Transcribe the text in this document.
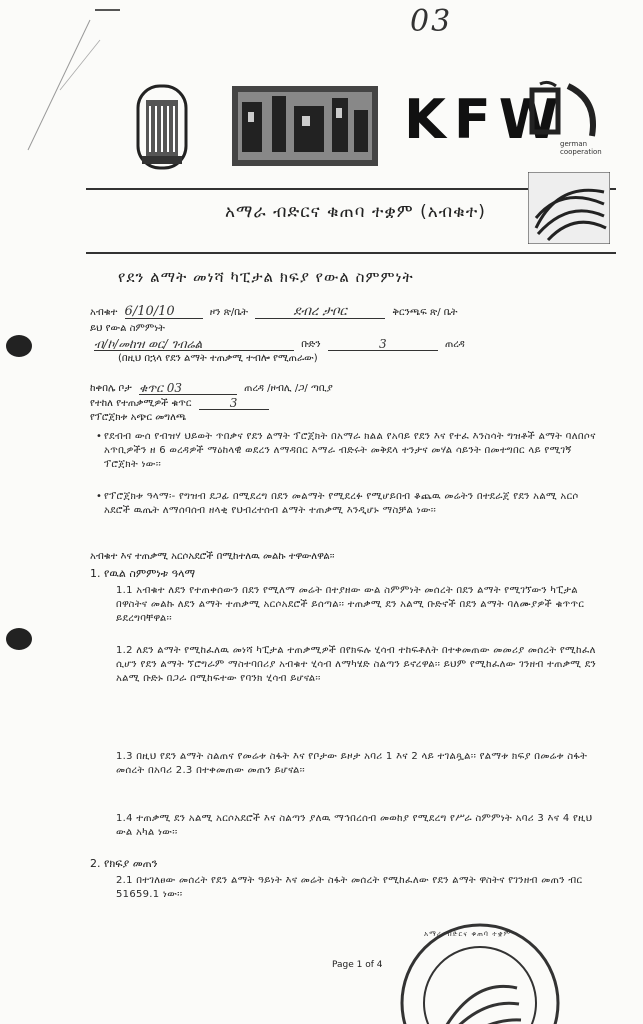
03
KFW
german cooperation
አማራ ብድርና ቁጠባ ተቋም (አብቁተ)
የደን ልማት መነሻ ካፒታል ክፍያ የውል ስምምነት
አብቁተ 6/10/10	ዞን ጽ/ቤት	ደብረ ታቦር	ቅርንጫፍ ጽ/ ቤት
ይህ የውል ስምምነት
ብ/ኮ/መከዝ ወር/ ገብሬል	ቡድን	3	ጠረዳ
(በዚህ በኋላ የደን ልማት ተጠቃሚ ተብሎ የሚጠራው)
ከቀበሌ ቦታ ቁጥር 03	ጠረዳ /ዞብሊ /ጋ/ ጣቢያ
የተከለ የተጠቃሚዎች ቁጥር	3
የፕሮጀክቱ አጭር መግለጫ
• የደብብ ውሰ የብዝሃ ህይወት ጥበቃና የደን ልማት ፕሮጀክት በአማራ ክልል የአባይ የደን እና የተፈ እንስሳት ግዝቶች ልማት ባለበሶና አጥቢዎችን ዘ 6 ወረዳዎች ማዕከላዊ ወደረን ለማዳበር እማራ ብድሩት መቅደላ ተንታና መሃል ሳይንት በመተግበር ላይ የሚገኝ ፕሮጀክት ነው፡፡
• የፕሮጀክቱ ዓላማ፡- የግዝብ ደጋፊ በሚደረግ በደን መልማት የሚደረፉ የሚሆይበብ ቆጨዉ መሬትን በተደራጀ የደን አልሚ አርሶ አደሮች ዉጤት ለማሰባሰብ ዘላቂ የህብረተሰብ ልማት ተጠቃሚ እንዲሆኑ ማስቻል ነው፡፡
አብቁተ እና ተጠቃሚ አርሶአደሮች በሚከተለዉ መልኩ ተዋውለዋል፡፡
1. የዉል ስምምነቱ ዓላማ
1.1 አብቁተ ለደን የተጠቀሰውን በደን የሚለማ መሬት በተያዘው ውል ስምምነት መሰረት በደን ልማት የሚገኘውን ካፒታል በዋስትና መልኩ ለደን ልማት ተጠቃሚ አርሶአደሮች ይሰጣል፡፡ ተጠቃሚ ደን አልሚ ቡድኖች በደን ልማት ባለሙያዎች ቁጥጥር ይደረግባቸዋል፡፡
1.2 ለደን ልማት የሚከፈለዉ መነሻ ካፒታል ተጠቃሚዎች በየክፍሉ ሂሳብ ተከፍቶለት በተቀመጠው መመሪያ መሰረት የሚከፈለ ሲሆን የደን ልማት ኘሮግራም ማስተባበሪያ አብቁተ ሂሳብ ለማካሄድ ስልጣን ይኖረዋል፡፡ ይህም የሚከፈለው ገንዘብ ተጠቃሚ ደን አልሚ ቡድኑ በጋራ በሚከፍተው የባንክ ሂሳብ ይሆናል፡፡
1.3 በዚህ የደን ልማት ስልጠና የመሬቱ ስፋት እና የቦታው ይዞታ አባሪ 1 እና 2 ላይ ተገልጿል፡፡ የልማቱ ክፍያ በመሬቱ ስፋት መሰረት በአባሪ 2.3 በተቀመጠው መጠን ይሆናል፡፡
1.4 ተጠቃሚ ደን አልሚ አርሶአደሮች እና ስልጣን ያለዉ ማኅበረሰብ መወከያ የሚደረግ የሥራ ስምምነት አባሪ 3 እና 4 የዚህ ውል አካል ነው፡፡
2. የክፍያ መጠን
2.1 በተገለፀው መሰረት የደን ልማት ዓይነት እና መሬት ስፋት መሰረት የሚከፈለው የደን ልማት ዋስትና የገንዘብ መጠን ብር 51659.1 ነው፡፡
Page 1 of 4
አማራ ብድርና ቁጠባ ተቋም
